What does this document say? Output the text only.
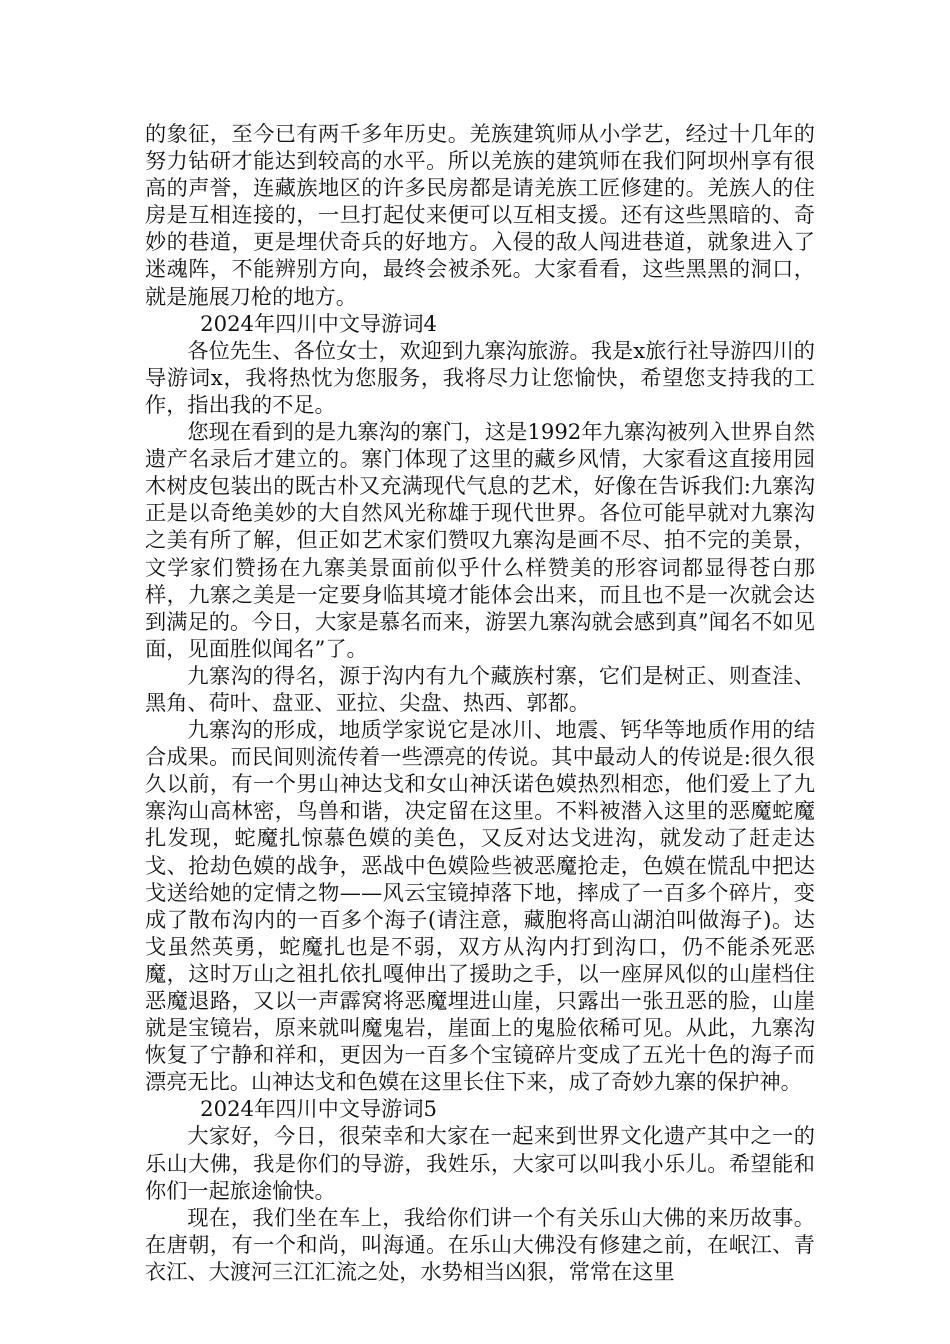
的象征，至今已有两千多年历史。羌族建筑师从小学艺，经过十几年的努力钻研才能达到较高的水平。所以羌族的建筑师在我们阿坝州享有很高的声誉，连藏族地区的许多民房都是请羌族工匠修建的。羌族人的住房是互相连接的，一旦打起仗来便可以互相支援。还有这些黑暗的、奇妙的巷道，更是埋伏奇兵的好地方。入侵的敌人闯进巷道，就象进入了迷魂阵，不能辨别方向，最终会被杀死。大家看看，这些黑黑的洞口，就是施展刀枪的地方。

2024年四川中文导游词4

各位先生、各位女士，欢迎到九寨沟旅游。我是x旅行社导游四川的导游词x，我将热忱为您服务，我将尽力让您愉快，希望您支持我的工作，指出我的不足。

您现在看到的是九寨沟的寨门，这是1992年九寨沟被列入世界自然遗产名录后才建立的。寨门体现了这里的藏乡风情，大家看这直接用园木树皮包装出的既古朴又充满现代气息的艺术，好像在告诉我们:九寨沟正是以奇绝美妙的大自然风光称雄于现代世界。各位可能早就对九寨沟之美有所了解，但正如艺术家们赞叹九寨沟是画不尽、拍不完的美景，文学家们赞扬在九寨美景面前似乎什么样赞美的形容词都显得苍白那样，九寨之美是一定要身临其境才能体会出来，而且也不是一次就会达到满足的。今日，大家是慕名而来，游罢九寨沟就会感到真”闻名不如见面，见面胜似闻名”了。

九寨沟的得名，源于沟内有九个藏族村寨，它们是树正、则查洼、黑角、荷叶、盘亚、亚拉、尖盘、热西、郭都。

九寨沟的形成，地质学家说它是冰川、地震、钙华等地质作用的结合成果。而民间则流传着一些漂亮的传说。其中最动人的传说是:很久很久以前，有一个男山神达戈和女山神沃诺色嫫热烈相恋，他们爱上了九寨沟山高林密，鸟兽和谐，决定留在这里。不料被潜入这里的恶魔蛇魔扎发现，蛇魔扎惊慕色嫫的美色，又反对达戈进沟，就发动了赶走达戈、抢劫色嫫的战争，恶战中色嫫险些被恶魔抢走，色嫫在慌乱中把达戈送给她的定情之物——风云宝镜掉落下地，摔成了一百多个碎片，变成了散布沟内的一百多个海子(请注意，藏胞将高山湖泊叫做海子)。达戈虽然英勇，蛇魔扎也是不弱，双方从沟内打到沟口，仍不能杀死恶魔，这时万山之祖扎依扎嘎伸出了援助之手，以一座屏风似的山崖档住恶魔退路，又以一声霹窝将恶魔埋进山崖，只露出一张丑恶的脸，山崖就是宝镜岩，原来就叫魔鬼岩，崖面上的鬼脸依稀可见。从此，九寨沟恢复了宁静和祥和，更因为一百多个宝镜碎片变成了五光十色的海子而漂亮无比。山神达戈和色嫫在这里长住下来，成了奇妙九寨的保护神。

2024年四川中文导游词5

大家好，今日，很荣幸和大家在一起来到世界文化遗产其中之一的乐山大佛，我是你们的导游，我姓乐，大家可以叫我小乐儿。希望能和你们一起旅途愉快。

现在，我们坐在车上，我给你们讲一个有关乐山大佛的来历故事。在唐朝，有一个和尚，叫海通。在乐山大佛没有修建之前，在岷江、青衣江、大渡河三江汇流之处，水势相当凶狠，常常在这里
